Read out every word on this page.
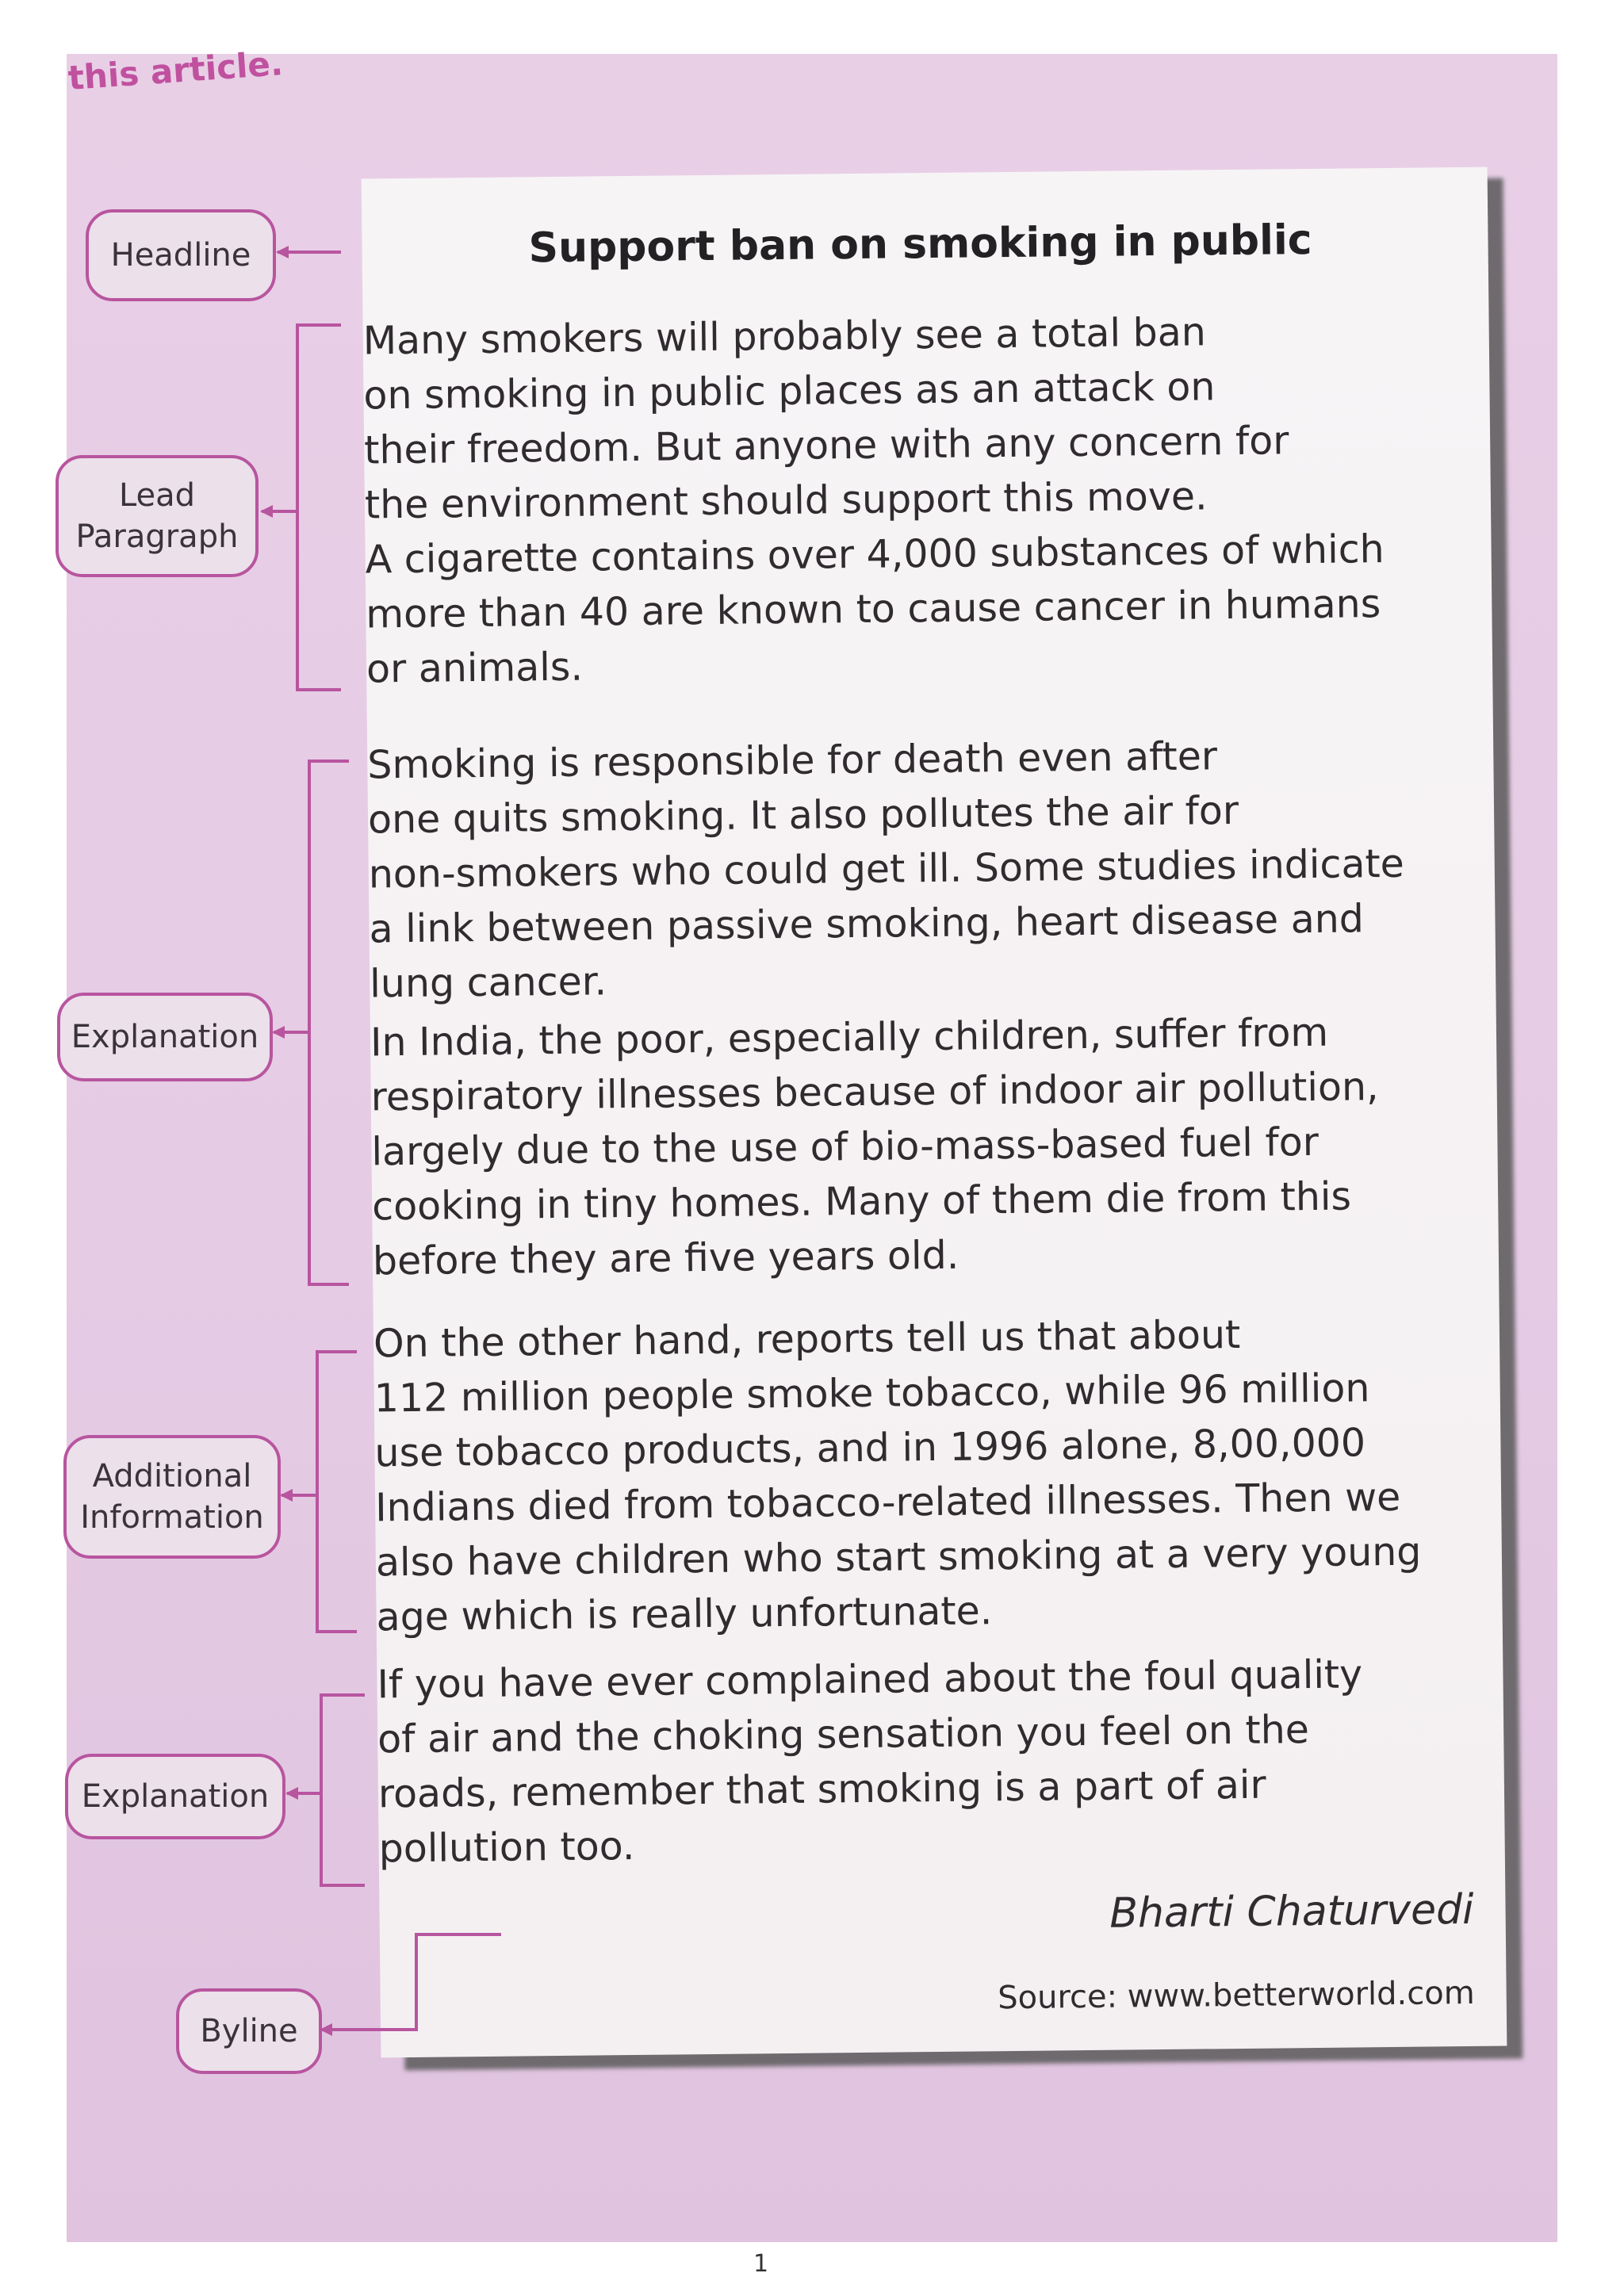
this article.
Support ban on smoking in public
Many smokers will probably see a total ban
on smoking in public places as an attack on
their freedom. But anyone with any concern for
the environment should support this move.
A cigarette contains over 4,000 substances of which
more than 40 are known to cause cancer in humans
or animals.
Smoking is responsible for death even after
one quits smoking. It also pollutes the air for
non-smokers who could get ill. Some studies indicate
a link between passive smoking, heart disease and
lung cancer.
In India, the poor, especially children, suffer from
respiratory illnesses because of indoor air pollution,
largely due to the use of bio-mass-based fuel for
cooking in tiny homes. Many of them die from this
before they are five years old.
On the other hand, reports tell us that about
112 million people smoke tobacco, while 96 million
use tobacco products, and in 1996 alone, 8,00,000
Indians died from tobacco-related illnesses. Then we
also have children who start smoking at a very young
age which is really unfortunate.
If you have ever complained about the foul quality
of air and the choking sensation you feel on the
roads, remember that smoking is a part of air
pollution too.
Bharti Chaturvedi
Source: www.betterworld.com
Headline
Lead
Paragraph
Explanation
Additional
Information
Explanation
Byline
1
